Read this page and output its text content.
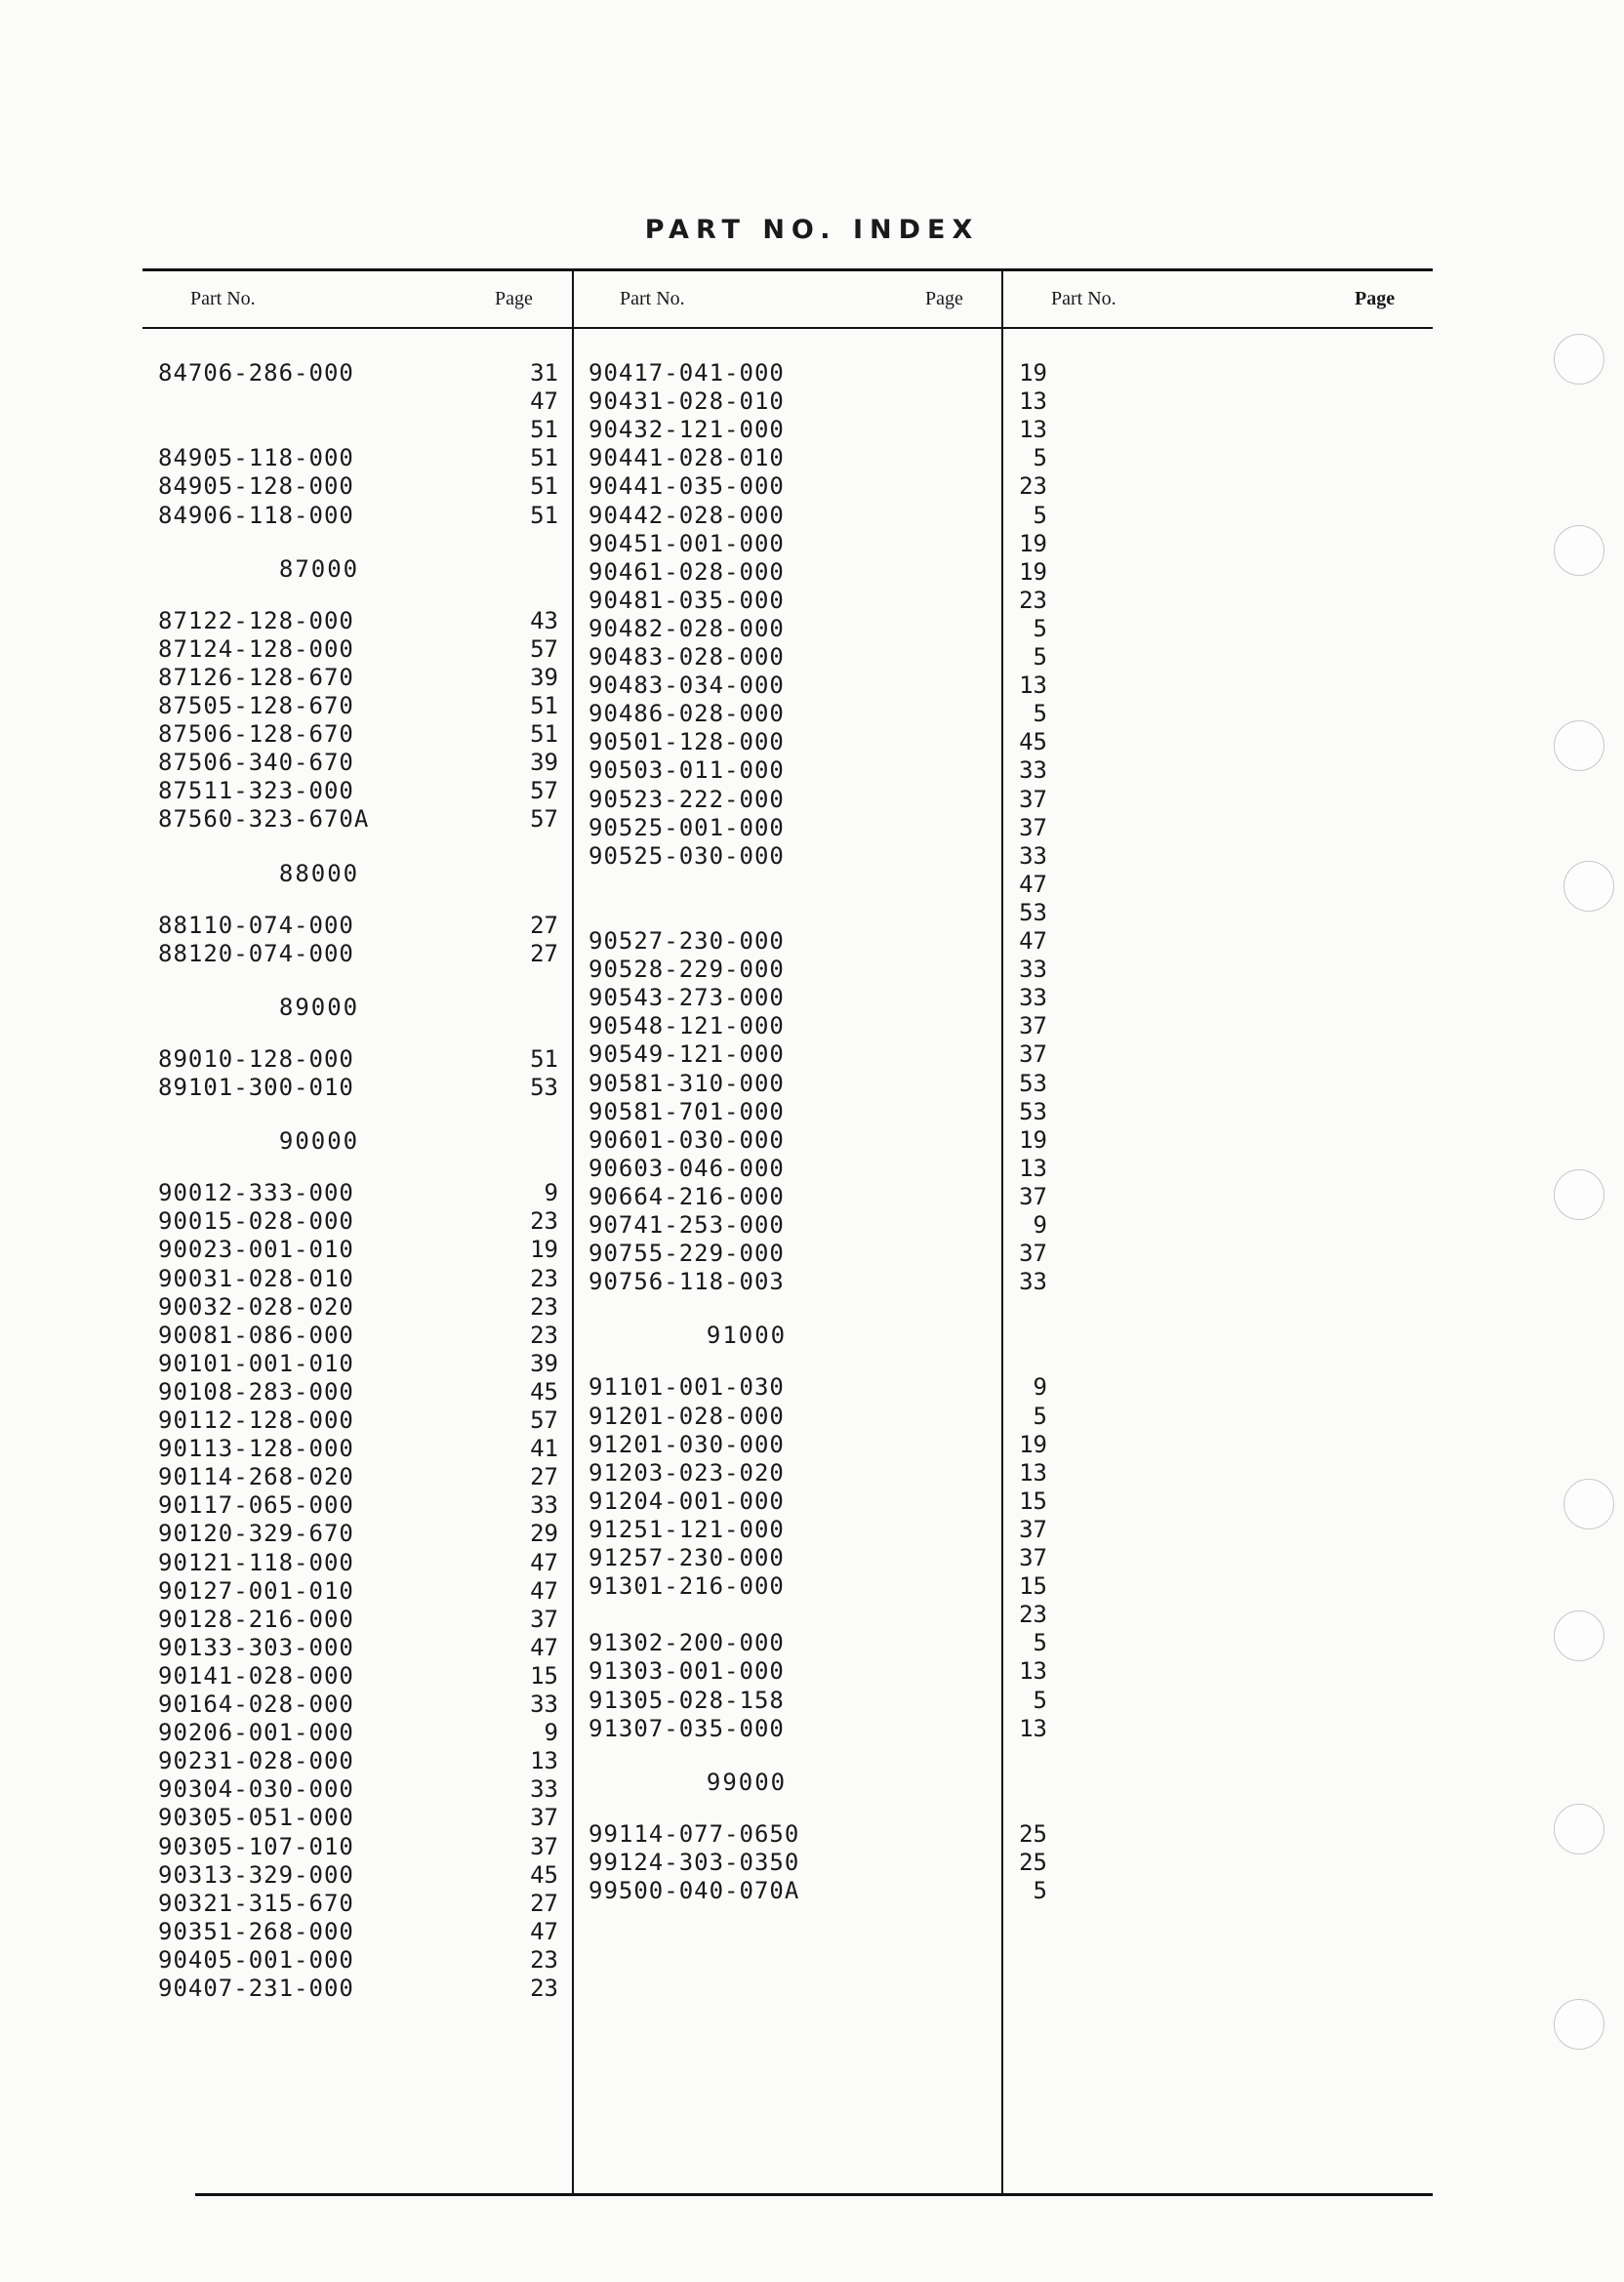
PART NO. INDEX
Part No.	Page	Part No.	Page	Part No.	Page
84706-286-000	31
47
51
84905-118-000	51
84905-128-000	51
84906-118-000	51
87000
87122-128-000	43
87124-128-000	57
87126-128-670	39
87505-128-670	51
87506-128-670	51
87506-340-670	39
87511-323-000	57
87560-323-670A	57
88000
88110-074-000	27
88120-074-000	27
89000
89010-128-000	51
89101-300-010	53
90000
90012-333-000	9
90015-028-000	23
90023-001-010	19
90031-028-010	23
90032-028-020	23
90081-086-000	23
90101-001-010	39
90108-283-000	45
90112-128-000	57
90113-128-000	41
90114-268-020	27
90117-065-000	33
90120-329-670	29
90121-118-000	47
90127-001-010	47
90128-216-000	37
90133-303-000	47
90141-028-000	15
90164-028-000	33
90206-001-000	9
90231-028-000	13
90304-030-000	33
90305-051-000	37
90305-107-010	37
90313-329-000	45
90321-315-670	27
90351-268-000	47
90405-001-000	23
90407-231-000	23
90417-041-000	19
90431-028-010	13
90432-121-000	13
90441-028-010	5
90441-035-000	23
90442-028-000	5
90451-001-000	19
90461-028-000	19
90481-035-000	23
90482-028-000	5
90483-028-000	5
90483-034-000	13
90486-028-000	5
90501-128-000	45
90503-011-000	33
90523-222-000	37
90525-001-000	37
90525-030-000	33
47
53
90527-230-000	47
90528-229-000	33
90543-273-000	33
90548-121-000	37
90549-121-000	37
90581-310-000	53
90581-701-000	53
90601-030-000	19
90603-046-000	13
90664-216-000	37
90741-253-000	9
90755-229-000	37
90756-118-003	33
91000
91101-001-030	9
91201-028-000	5
91201-030-000	19
91203-023-020	13
91204-001-000	15
91251-121-000	37
91257-230-000	37
91301-216-000	15
23
91302-200-000	5
91303-001-000	13
91305-028-158	5
91307-035-000	13
99000
99114-077-0650	25
99124-303-0350	25
99500-040-070A	5
